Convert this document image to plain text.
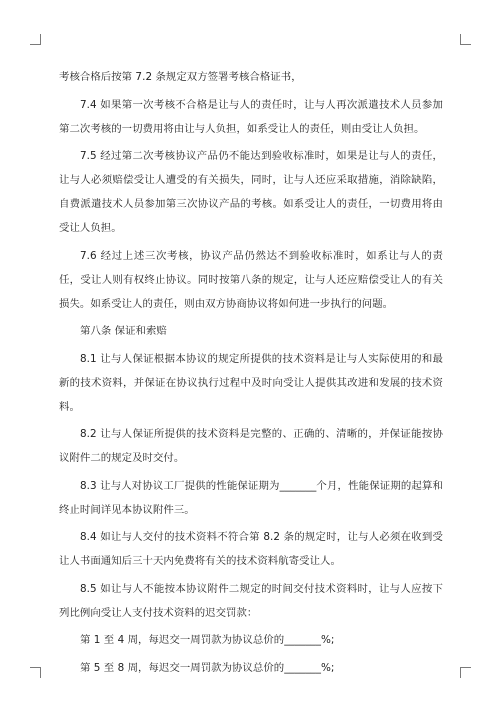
考核合格后按第 7.2 条规定双方签署考核合格证书，

7.4 如果第一次考核不合格是让与人的责任时，让与人再次派遣技术人员参加第二次考核的一切费用将由让与人负担，如系受让人的责任，则由受让人负担。

7.5 经过第二次考核协议产品仍不能达到验收标准时，如果是让与人的责任，让与人必须赔偿受让人遭受的有关损失，同时，让与人还应采取措施，消除缺陷，自费派遣技术人员参加第三次协议产品的考核。如系受让人的责任，一切费用将由受让人负担。

7.6 经过上述三次考核，协议产品仍然达不到验收标准时，如系让与人的责任，受让人则有权终止协议。同时按第八条的规定，让与人还应赔偿受让人的有关损失。如系受让人的责任，则由双方协商协议将如何进一步执行的问题。

第八条 保证和索赔

8.1 让与人保证根据本协议的规定所提供的技术资料是让与人实际使用的和最新的技术资料，并保证在协议执行过程中及时向受让人提供其改进和发展的技术资料。

8.2 让与人保证所提供的技术资料是完整的、正确的、清晰的，并保证能按协议附件二的规定及时交付。

8.3 让与人对协议工厂提供的性能保证期为_______个月，性能保证期的起算和终止时间详见本协议附件三。

8.4 如让与人交付的技术资料不符合第 8.2 条的规定时，让与人必须在收到受让人书面通知后三十天内免费将有关的技术资料航寄受让人。

8.5 如让与人不能按本协议附件二规定的时间交付技术资料时，让与人应按下列比例向受让人支付技术资料的迟交罚款：

第 1 至 4 周，每迟交一周罚款为协议总价的_______%;

第 5 至 8 周，每迟交一周罚款为协议总价的_______%;
